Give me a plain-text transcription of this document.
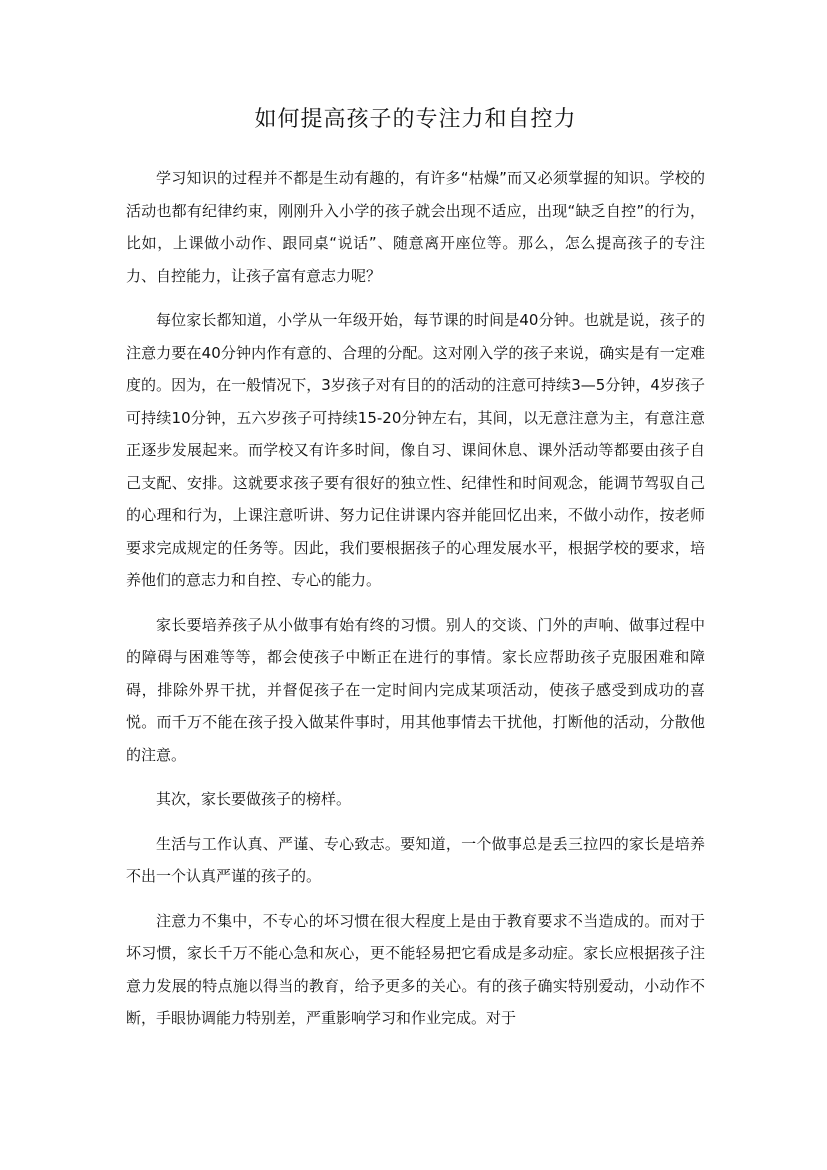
如何提高孩子的专注力和自控力

学习知识的过程并不都是生动有趣的，有许多“枯燥”而又必须掌握的知识。学校的活动也都有纪律约束，刚刚升入小学的孩子就会出现不适应，出现“缺乏自控”的行为，比如，上课做小动作、跟同桌“说话”、随意离开座位等。那么，怎么提高孩子的专注力、自控能力，让孩子富有意志力呢？

每位家长都知道，小学从一年级开始，每节课的时间是40分钟。也就是说，孩子的注意力要在40分钟内作有意的、合理的分配。这对刚入学的孩子来说，确实是有一定难度的。因为，在一般情况下，3岁孩子对有目的的活动的注意可持续3—5分钟，4岁孩子可持续10分钟，五六岁孩子可持续15-20分钟左右，其间，以无意注意为主，有意注意正逐步发展起来。而学校又有许多时间，像自习、课间休息、课外活动等都要由孩子自己支配、安排。这就要求孩子要有很好的独立性、纪律性和时间观念，能调节驾驭自己的心理和行为，上课注意听讲、努力记住讲课内容并能回忆出来，不做小动作，按老师要求完成规定的任务等。因此，我们要根据孩子的心理发展水平，根据学校的要求，培养他们的意志力和自控、专心的能力。

家长要培养孩子从小做事有始有终的习惯。别人的交谈、门外的声响、做事过程中的障碍与困难等等，都会使孩子中断正在进行的事情。家长应帮助孩子克服困难和障碍，排除外界干扰，并督促孩子在一定时间内完成某项活动，使孩子感受到成功的喜悦。而千万不能在孩子投入做某件事时，用其他事情去干扰他，打断他的活动，分散他的注意。

其次，家长要做孩子的榜样。

生活与工作认真、严谨、专心致志。要知道，一个做事总是丢三拉四的家长是培养不出一个认真严谨的孩子的。

注意力不集中，不专心的坏习惯在很大程度上是由于教育要求不当造成的。而对于坏习惯，家长千万不能心急和灰心，更不能轻易把它看成是多动症。家长应根据孩子注意力发展的特点施以得当的教育，给予更多的关心。有的孩子确实特别爱动，小动作不断，手眼协调能力特别差，严重影响学习和作业完成。对于
